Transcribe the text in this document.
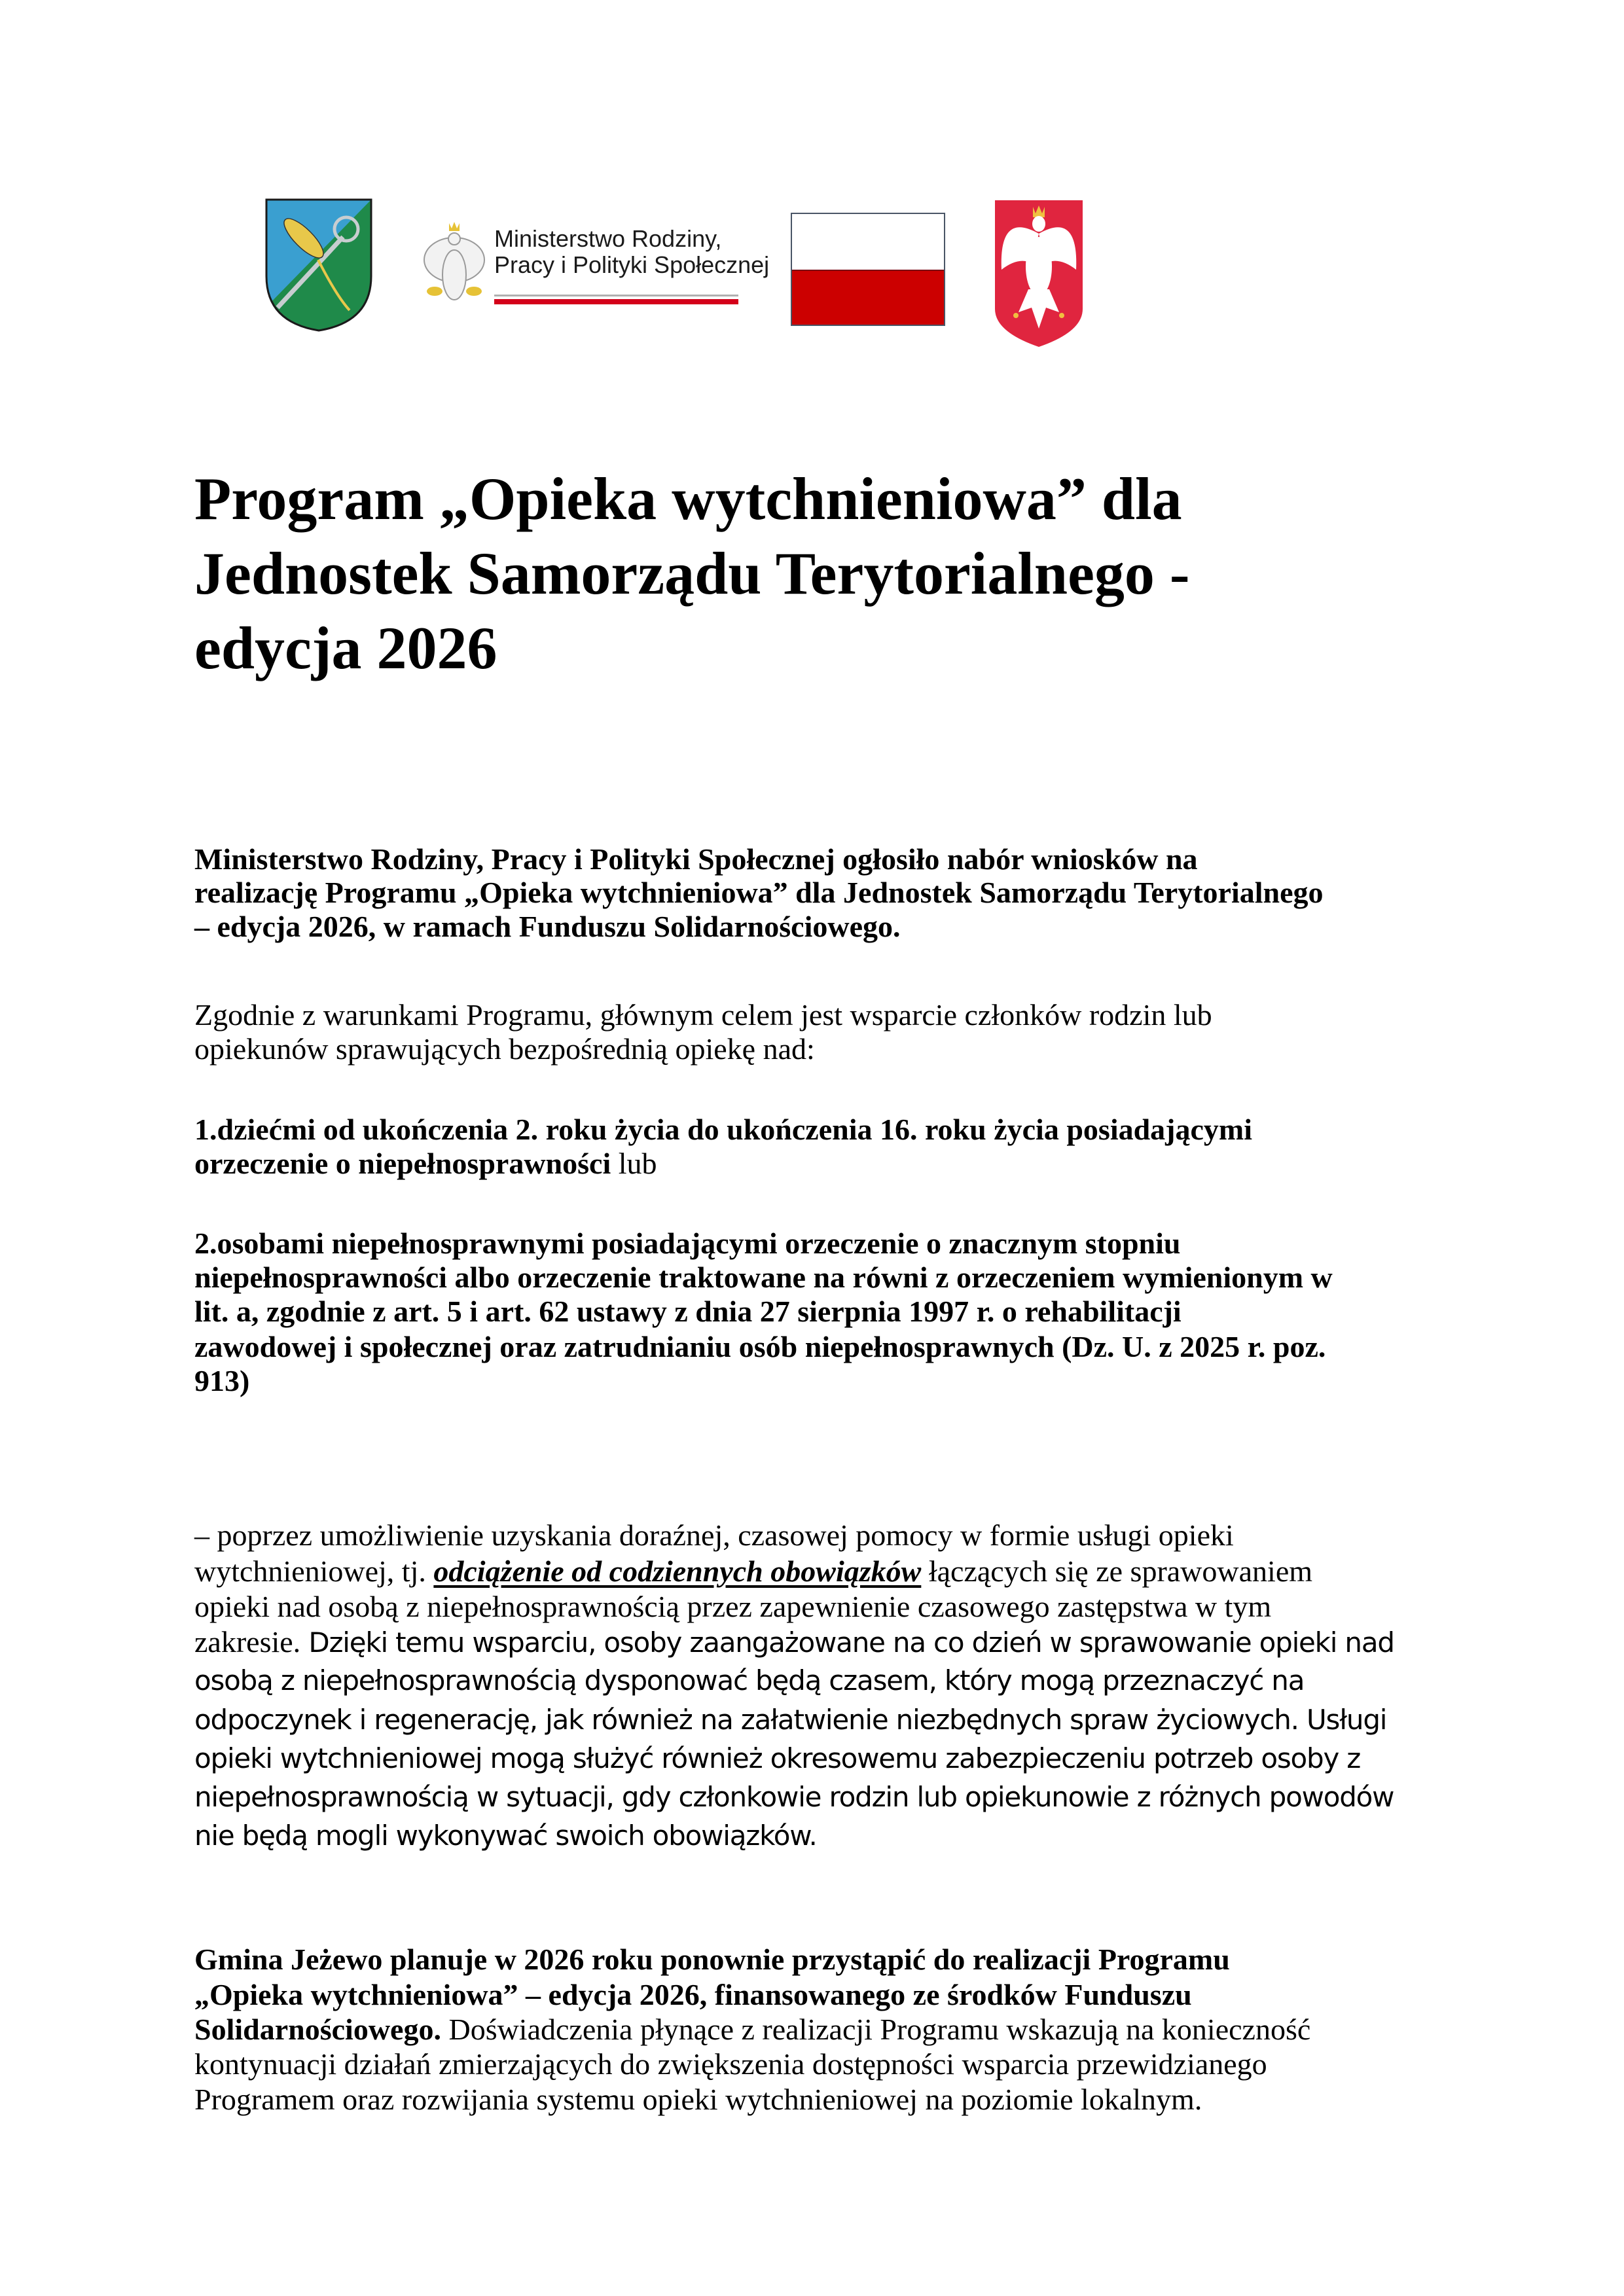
Ministerstwo Rodziny,
Pracy i Polityki Społecznej
Program „Opieka wytchnieniowa” dla
Jednostek Samorządu Terytorialnego -
edycja 2026
Ministerstwo Rodziny, Pracy i Polityki Społecznej ogłosiło nabór wniosków na
realizację Programu „Opieka wytchnieniowa” dla Jednostek Samorządu Terytorialnego
– edycja 2026, w ramach Funduszu Solidarnościowego.
Zgodnie z warunkami Programu, głównym celem jest wsparcie członków rodzin lub
opiekunów sprawujących bezpośrednią opiekę nad:
1.dziećmi od ukończenia 2. roku życia do ukończenia 16. roku życia posiadającymi
orzeczenie o niepełnosprawności lub
2.osobami niepełnosprawnymi posiadającymi orzeczenie o znacznym stopniu
niepełnosprawności albo orzeczenie traktowane na równi z orzeczeniem wymienionym w
lit. a, zgodnie z art. 5 i art. 62 ustawy z dnia 27 sierpnia 1997 r. o rehabilitacji
zawodowej i społecznej oraz zatrudnianiu osób niepełnosprawnych (Dz. U. z 2025 r. poz.
913)
– poprzez umożliwienie uzyskania doraźnej, czasowej pomocy w formie usługi opieki
wytchnieniowej, tj. odciążenie od codziennych obowiązków łączących się ze sprawowaniem
opieki nad osobą z niepełnosprawnością przez zapewnienie czasowego zastępstwa w tym
zakresie. Dzięki temu wsparciu, osoby zaangażowane na co dzień w sprawowanie opieki nad
osobą z niepełnosprawnością dysponować będą czasem, który mogą przeznaczyć na
odpoczynek i regenerację, jak również na załatwienie niezbędnych spraw życiowych. Usługi
opieki wytchnieniowej mogą służyć również okresowemu zabezpieczeniu potrzeb osoby z
niepełnosprawnością w sytuacji, gdy członkowie rodzin lub opiekunowie z różnych powodów
nie będą mogli wykonywać swoich obowiązków.
Gmina Jeżewo planuje w 2026 roku ponownie przystąpić do realizacji Programu
„Opieka wytchnieniowa” – edycja 2026, finansowanego ze środków Funduszu
Solidarnościowego. Doświadczenia płynące z realizacji Programu wskazują na konieczność
kontynuacji działań zmierzających do zwiększenia dostępności wsparcia przewidzianego
Programem oraz rozwijania systemu opieki wytchnieniowej na poziomie lokalnym.
